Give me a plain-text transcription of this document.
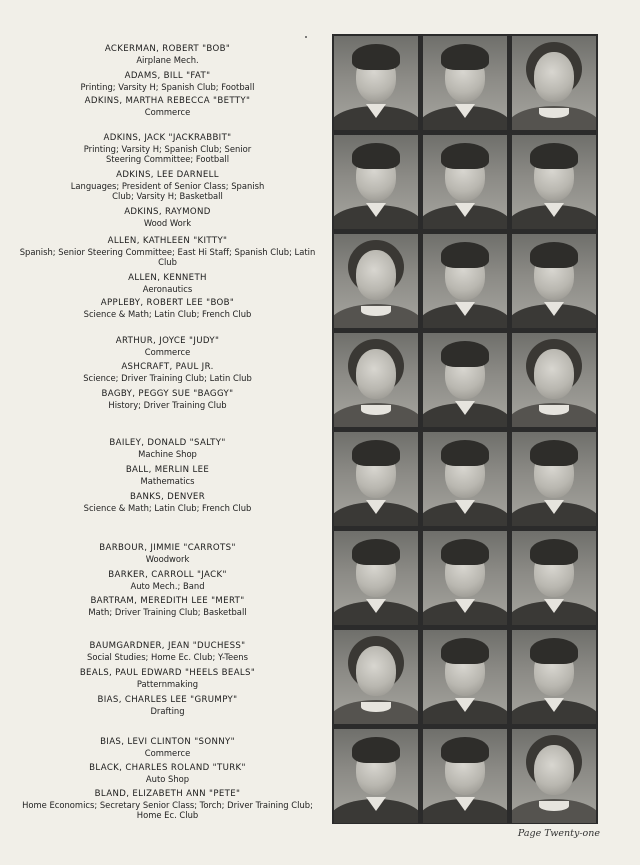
ACKERMAN, ROBERT "BOB"
Airplane Mech.
ADAMS, BILL "FAT"
Printing; Varsity H; Spanish Club; Football
ADKINS, MARTHA REBECCA "BETTY"
Commerce
ADKINS, JACK "JACKRABBIT"
Printing; Varsity H; Spanish Club; Senior Steering Committee; Football
ADKINS, LEE DARNELL
Languages; President of Senior Class; Spanish Club; Varsity H; Basketball
ADKINS, RAYMOND
Wood Work
ALLEN, KATHLEEN "KITTY"
Spanish; Senior Steering Committee; East Hi Staff; Spanish Club; Latin Club
ALLEN, KENNETH
Aeronautics
APPLEBY, ROBERT LEE "BOB"
Science & Math; Latin Club; French Club
ARTHUR, JOYCE "JUDY"
Commerce
ASHCRAFT, PAUL JR.
Science; Driver Training Club; Latin Club
BAGBY, PEGGY SUE "BAGGY"
History; Driver Training Club
BAILEY, DONALD "SALTY"
Machine Shop
BALL, MERLIN LEE
Mathematics
BANKS, DENVER
Science & Math; Latin Club; French Club
BARBOUR, JIMMIE "CARROTS"
Woodwork
BARKER, CARROLL "JACK"
Auto Mech.; Band
BARTRAM, MEREDITH LEE "MERT"
Math; Driver Training Club; Basketball
BAUMGARDNER, JEAN "DUCHESS"
Social Studies; Home Ec. Club; Y-Teens
BEALS, PAUL EDWARD "HEELS BEALS"
Patternmaking
BIAS, CHARLES LEE "GRUMPY"
Drafting
BIAS, LEVI CLINTON "SONNY"
Commerce
BLACK, CHARLES ROLAND "TURK"
Auto Shop
BLAND, ELIZABETH ANN "PETE"
Home Economics; Secretary Senior Class; Torch; Driver Training Club; Home Ec. Club
Page Twenty-one
